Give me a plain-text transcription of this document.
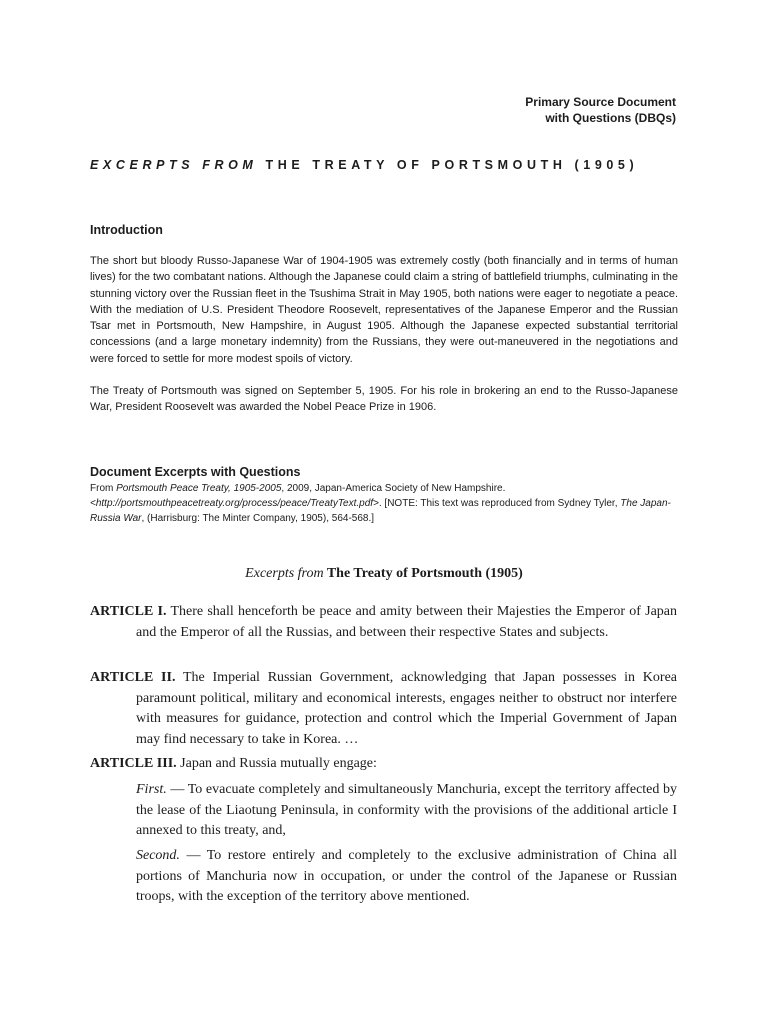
Primary Source Document
with Questions (DBQs)
EXCERPTS FROM THE TREATY OF PORTSMOUTH (1905)
Introduction
The short but bloody Russo-Japanese War of 1904-1905 was extremely costly (both financially and in terms of human lives) for the two combatant nations. Although the Japanese could claim a string of battlefield triumphs, culminating in the stunning victory over the Russian fleet in the Tsushima Strait in May 1905, both nations were eager to negotiate a peace. With the mediation of U.S. President Theodore Roosevelt, representatives of the Japanese Emperor and the Russian Tsar met in Portsmouth, New Hampshire, in August 1905. Although the Japanese expected substantial territorial concessions (and a large monetary indemnity) from the Russians, they were out-maneuvered in the negotiations and were forced to settle for more modest spoils of victory.
The Treaty of Portsmouth was signed on September 5, 1905. For his role in brokering an end to the Russo-Japanese War, President Roosevelt was awarded the Nobel Peace Prize in 1906.
Document Excerpts with Questions
From Portsmouth Peace Treaty, 1905-2005, 2009, Japan-America Society of New Hampshire.
<http://portsmouthpeacetreaty.org/process/peace/TreatyText.pdf>. [NOTE: This text was reproduced from Sydney Tyler, The Japan-Russia War, (Harrisburg: The Minter Company, 1905), 564-568.]
Excerpts from The Treaty of Portsmouth (1905)
ARTICLE I. There shall henceforth be peace and amity between their Majesties the Emperor of Japan and the Emperor of all the Russias, and between their respective States and subjects.
ARTICLE II. The Imperial Russian Government, acknowledging that Japan possesses in Korea paramount political, military and economical interests, engages neither to obstruct nor interfere with measures for guidance, protection and control which the Imperial Government of Japan may find necessary to take in Korea. …
ARTICLE III. Japan and Russia mutually engage:
First. — To evacuate completely and simultaneously Manchuria, except the territory affected by the lease of the Liaotung Peninsula, in conformity with the provisions of the additional article I annexed to this treaty, and,
Second. — To restore entirely and completely to the exclusive administration of China all portions of Manchuria now in occupation, or under the control of the Japanese or Russian troops, with the exception of the territory above mentioned.
